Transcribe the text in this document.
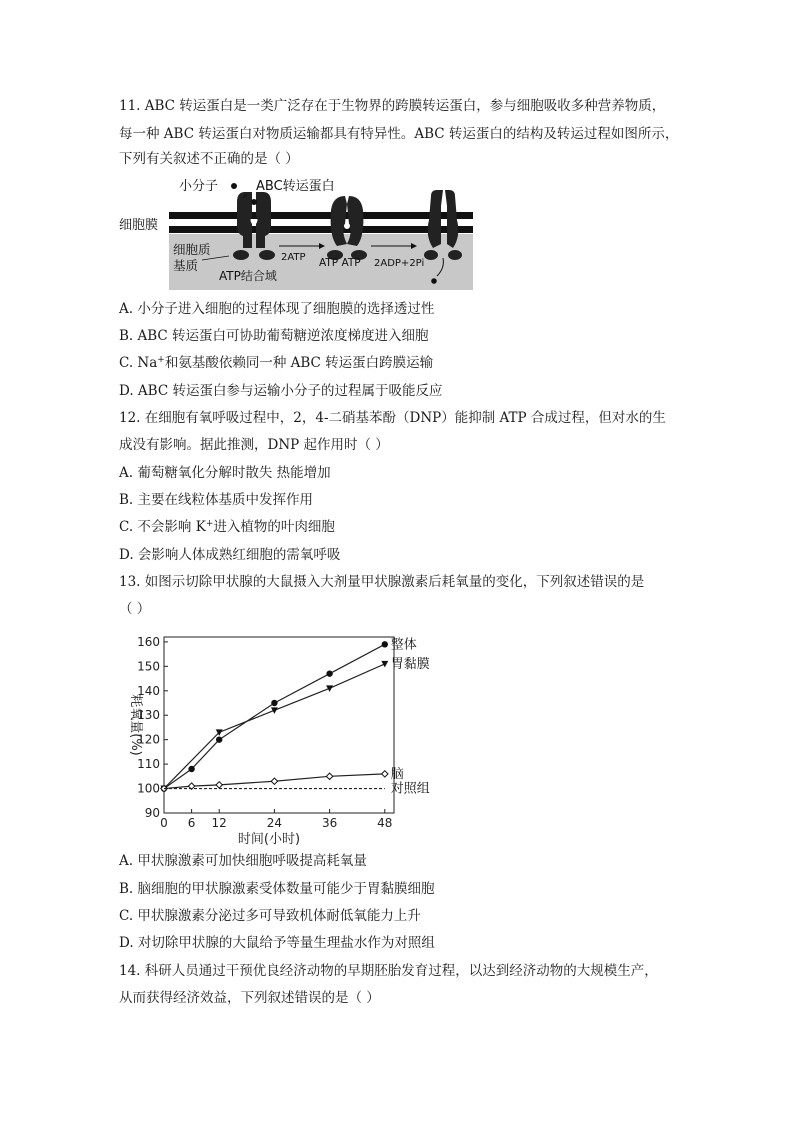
11. ABC 转运蛋白是一类广泛存在于生物界的跨膜转运蛋白，参与细胞吸收多种营养物质，
每一种 ABC 转运蛋白对物质运输都具有特异性。ABC 转运蛋白的结构及转运过程如图所示，
下列有关叙述不正确的是（ ）
小分子	ABC转运蛋白
细胞膜
细胞质
基质
ATP结合域
2ATP ATP ATP 2ADP+2Pi
A. 小分子进入细胞的过程体现了细胞膜的选择透过性
B. ABC 转运蛋白可协助葡萄糖逆浓度梯度进入细胞
C. Na+和氨基酸依赖同一种 ABC 转运蛋白跨膜运输
D. ABC 转运蛋白参与运输小分子的过程属于吸能反应
12. 在细胞有氧呼吸过程中，2，4-二硝基苯酚（DNP）能抑制 ATP 合成过程，但对水的生
成没有影响。据此推测，DNP 起作用时（ ）
A. 葡萄糖氧化分解时散失 热能增加
B. 主要在线粒体基质中发挥作用
C. 不会影响 K+进入植物的叶肉细胞
D. 会影响人体成熟红细胞的需氧呼吸
13. 如图示切除甲状腺的大鼠摄入大剂量甲状腺激素后耗氧量的变化，下列叙述错误的是
（ ）
90
100
110
120
130
140
150
160
0 6 12	24	36	48
时间(小时)
耗氧量(%)
整体
胃黏膜
脑
对照组
A. 甲状腺激素可加快细胞呼吸提高耗氧量
B. 脑细胞的甲状腺激素受体数量可能少于胃黏膜细胞
C. 甲状腺激素分泌过多可导致机体耐低氧能力上升
D. 对切除甲状腺的大鼠给予等量生理盐水作为对照组
14. 科研人员通过干预优良经济动物的早期胚胎发育过程，以达到经济动物的大规模生产，
从而获得经济效益，下列叙述错误的是（ ）
